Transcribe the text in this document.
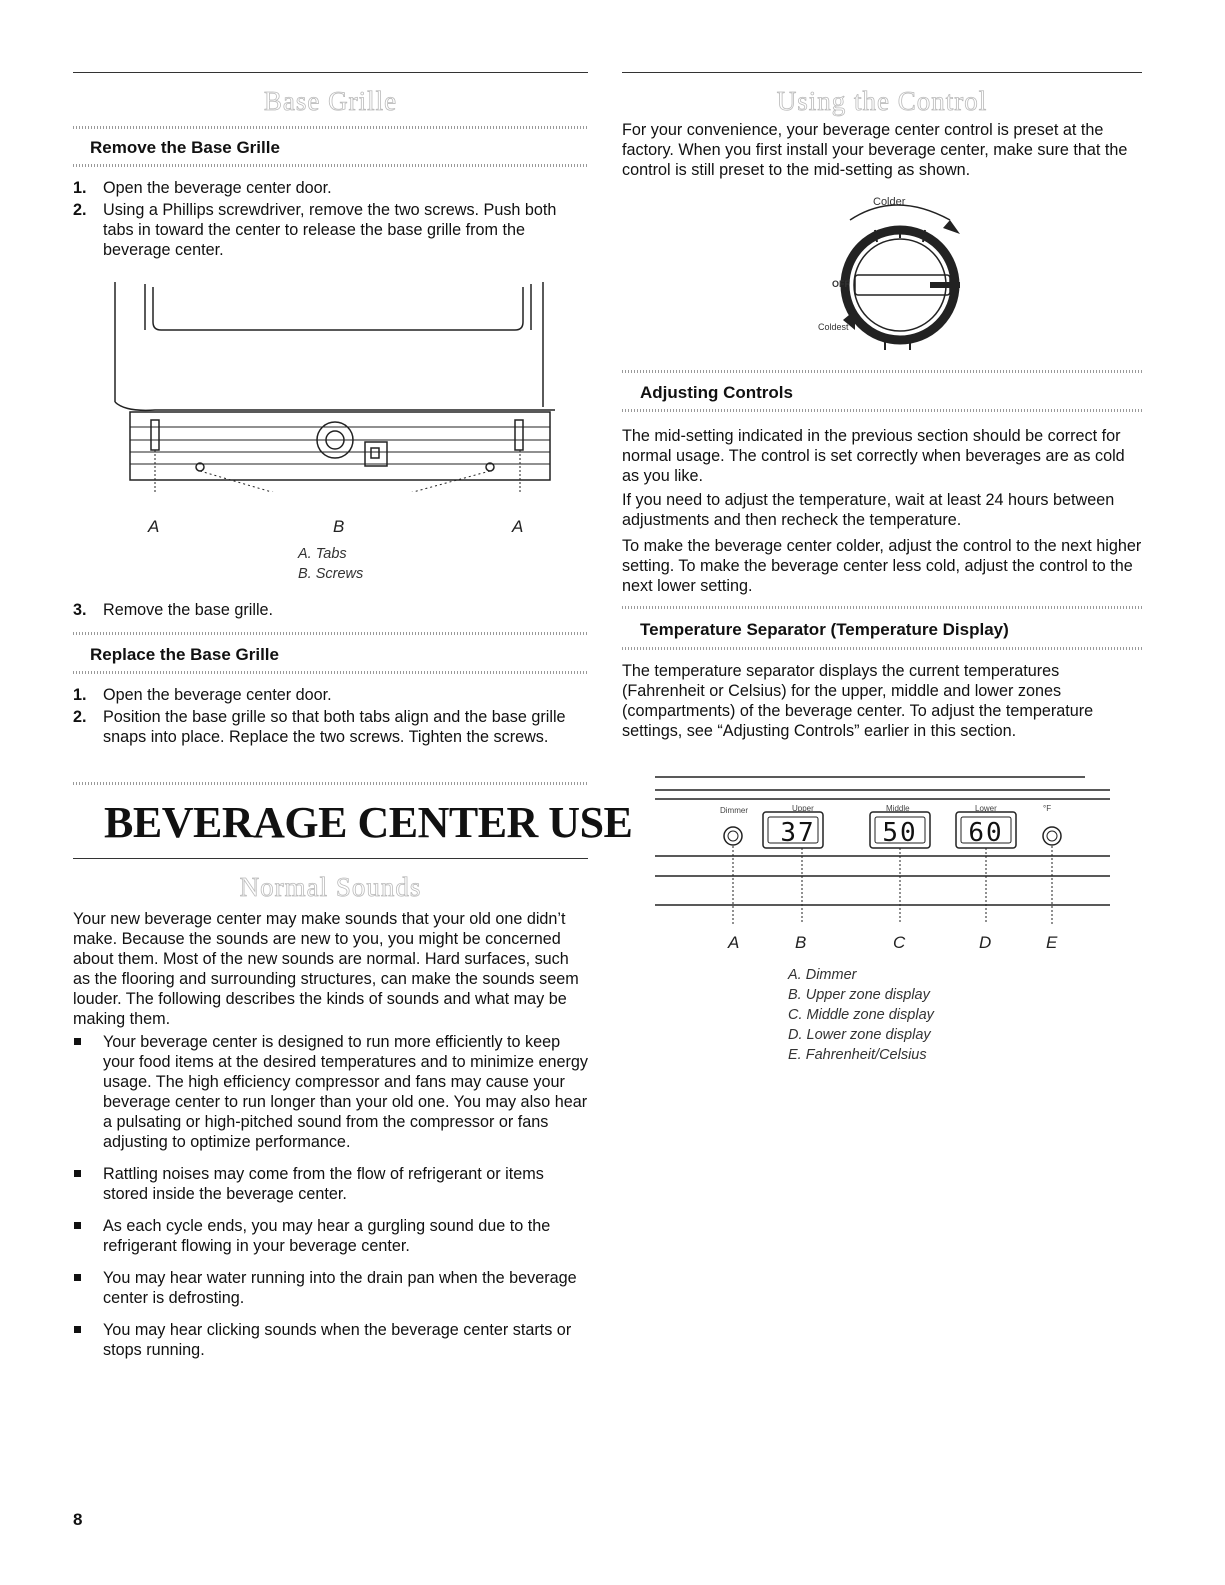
Base Grille
Remove the Base Grille
1. Open the beverage center door.
2. Using a Phillips screwdriver, remove the two screws. Push both tabs in toward the center to release the base grille from the beverage center.
A	B	A
A. Tabs
B. Screws
3. Remove the base grille.
Replace the Base Grille
1. Open the beverage center door.
2. Position the base grille so that both tabs align and the base grille snaps into place. Replace the two screws. Tighten the screws.
BEVERAGE CENTER USE
Normal Sounds
Your new beverage center may make sounds that your old one didn’t make. Because the sounds are new to you, you might be concerned about them. Most of the new sounds are normal. Hard surfaces, such as the flooring and surrounding structures, can make the sounds seem louder. The following describes the kinds of sounds and what may be making them.
Your beverage center is designed to run more efficiently to keep your food items at the desired temperatures and to minimize energy usage. The high efficiency compressor and fans may cause your beverage center to run longer than your old one. You may also hear a pulsating or high-pitched sound from the compressor or fans adjusting to optimize performance.
Rattling noises may come from the flow of refrigerant or items stored inside the beverage center.
As each cycle ends, you may hear a gurgling sound due to the refrigerant flowing in your beverage center.
You may hear water running into the drain pan when the beverage center is defrosting.
You may hear clicking sounds when the beverage center starts or stops running.
8
Using the Control
For your convenience, your beverage center control is preset at the factory. When you first install your beverage center, make sure that the control is still preset to the mid-setting as shown.
Colder
OFF
Coldest
Adjusting Controls
The mid-setting indicated in the previous section should be correct for normal usage. The control is set correctly when beverages are as cold as you like.
If you need to adjust the temperature, wait at least 24 hours between adjustments and then recheck the temperature.
To make the beverage center colder, adjust the control to the next higher setting. To make the beverage center less cold, adjust the control to the next lower setting.
Temperature Separator (Temperature Display)
The temperature separator displays the current temperatures (Fahrenheit or Celsius) for the upper, middle and lower zones (compartments) of the beverage center. To adjust the temperature settings, see “Adjusting Controls” earlier in this section.
Dimmer	Upper	Middle	Lower	°F
37	50 60
A	B	C	D	E
A. Dimmer
B. Upper zone display
C. Middle zone display
D. Lower zone display
E. Fahrenheit/Celsius
